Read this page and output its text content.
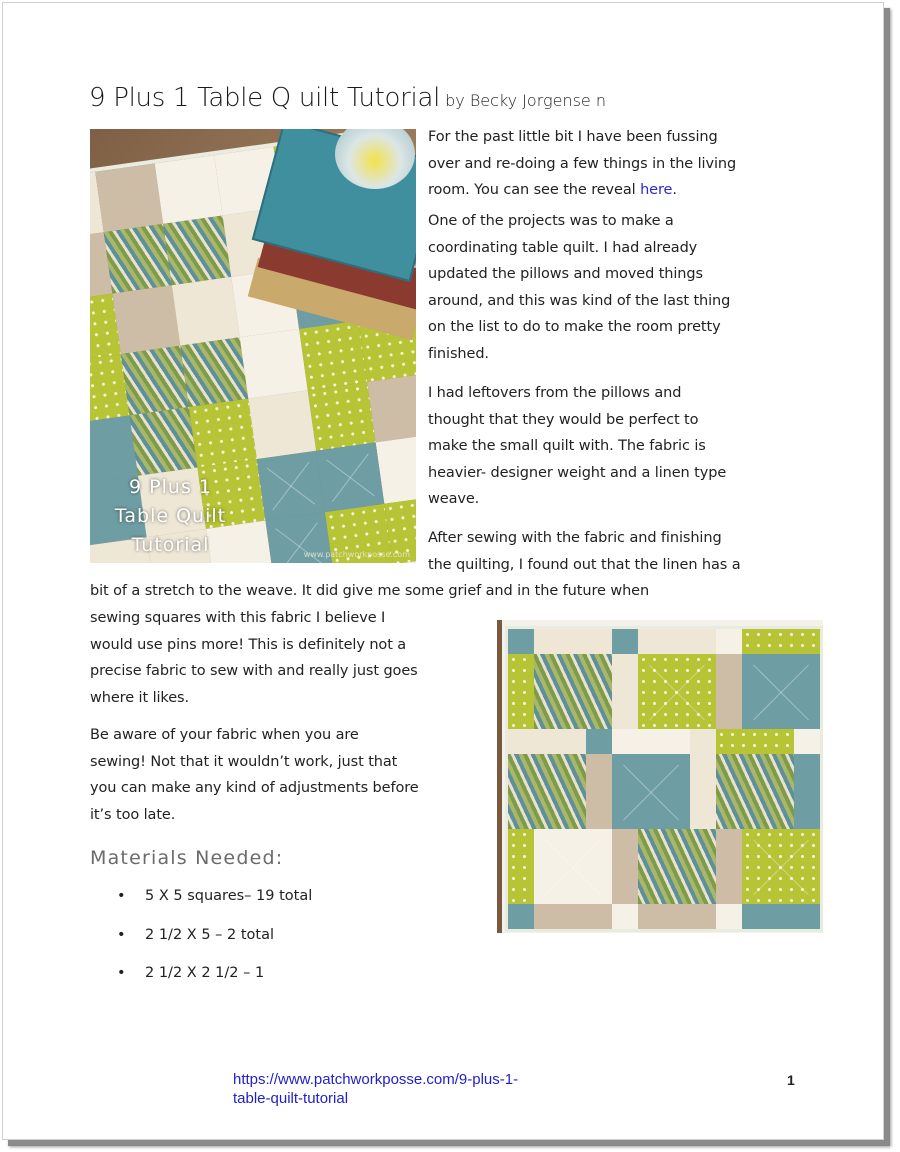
9 Plus 1 Table Q uilt Tutorial by Becky Jorgense n
9 Plus 1
Table Quilt
Tutorial	www.patchworkposse.com

For the past little bit I have been fussing

over and re-doing a few things in the living

room. You can see the reveal here.

One of the projects was to make a

coordinating table quilt. I had already

updated the pillows and moved things

around, and this was kind of the last thing

on the list to do to make the room pretty

finished.

I had leftovers from the pillows and

thought that they would be perfect to

make the small quilt with. The fabric is

heavier- designer weight and a linen type

weave.

After sewing with the fabric and finishing

the quilting, I found out that the linen has a

bit of a stretch to the weave. It did give me some grief and in the future when

sewing squares with this fabric I believe I

would use pins more! This is definitely not a

precise fabric to sew with and really just goes

where it likes.

Be aware of your fabric when you are

sewing! Not that it wouldn’t work, just that

you can make any kind of adjustments before

it’s too late.

Materials Needed:
•	5 X 5 squares– 19 total
•	2 1/2 X 5 – 2 total
•	2 1/2 X 2 1/2 – 1
https://www.patchworkposse.com/9-plus-1-
table-quilt-tutorial
1
